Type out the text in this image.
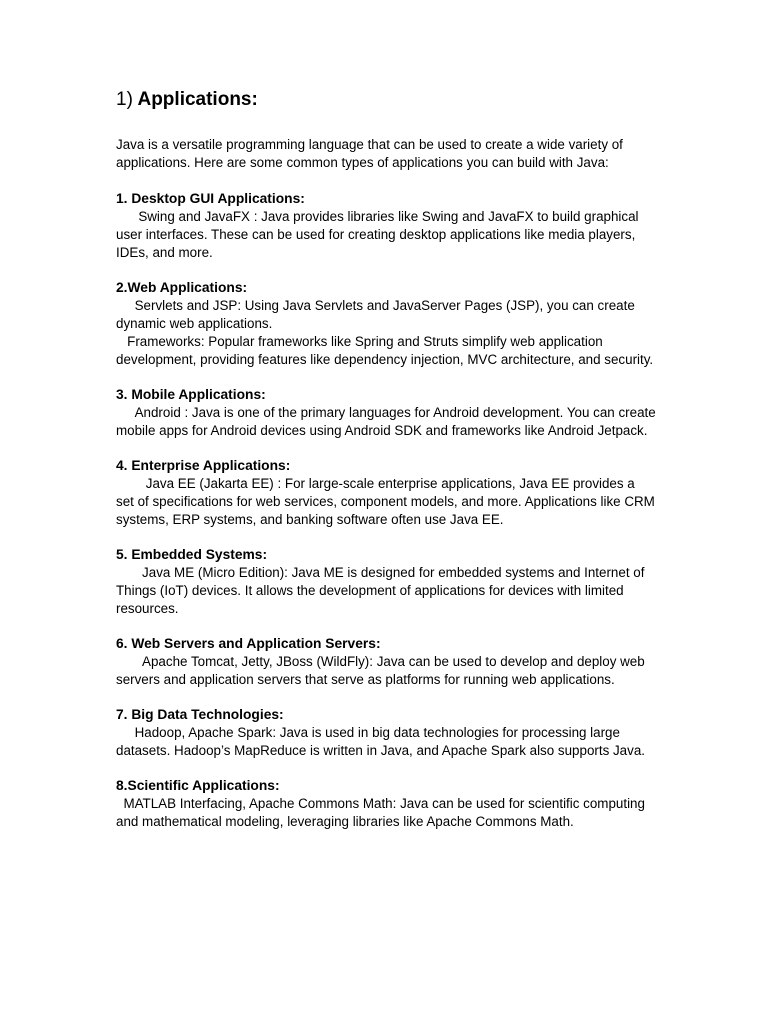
1) Applications:

Java is a versatile programming language that can be used to create a wide variety of applications. Here are some common types of applications you can build with Java:

1. Desktop GUI Applications:

Swing and JavaFX : Java provides libraries like Swing and JavaFX to build graphical user interfaces. These can be used for creating desktop applications like media players, IDEs, and more.

2.Web Applications:

Servlets and JSP: Using Java Servlets and JavaServer Pages (JSP), you can create dynamic web applications.

Frameworks: Popular frameworks like Spring and Struts simplify web application development, providing features like dependency injection, MVC architecture, and security.

3. Mobile Applications:

Android : Java is one of the primary languages for Android development. You can create mobile apps for Android devices using Android SDK and frameworks like Android Jetpack.

4. Enterprise Applications:

Java EE (Jakarta EE) : For large-scale enterprise applications, Java EE provides a set of specifications for web services, component models, and more. Applications like CRM systems, ERP systems, and banking software often use Java EE.

5. Embedded Systems:

Java ME (Micro Edition): Java ME is designed for embedded systems and Internet of Things (IoT) devices. It allows the development of applications for devices with limited resources.

6. Web Servers and Application Servers:

Apache Tomcat, Jetty, JBoss (WildFly): Java can be used to develop and deploy web servers and application servers that serve as platforms for running web applications.

7. Big Data Technologies:

Hadoop, Apache Spark: Java is used in big data technologies for processing large datasets. Hadoop’s MapReduce is written in Java, and Apache Spark also supports Java.

8.Scientific Applications:

MATLAB Interfacing, Apache Commons Math: Java can be used for scientific computing and mathematical modeling, leveraging libraries like Apache Commons Math.
